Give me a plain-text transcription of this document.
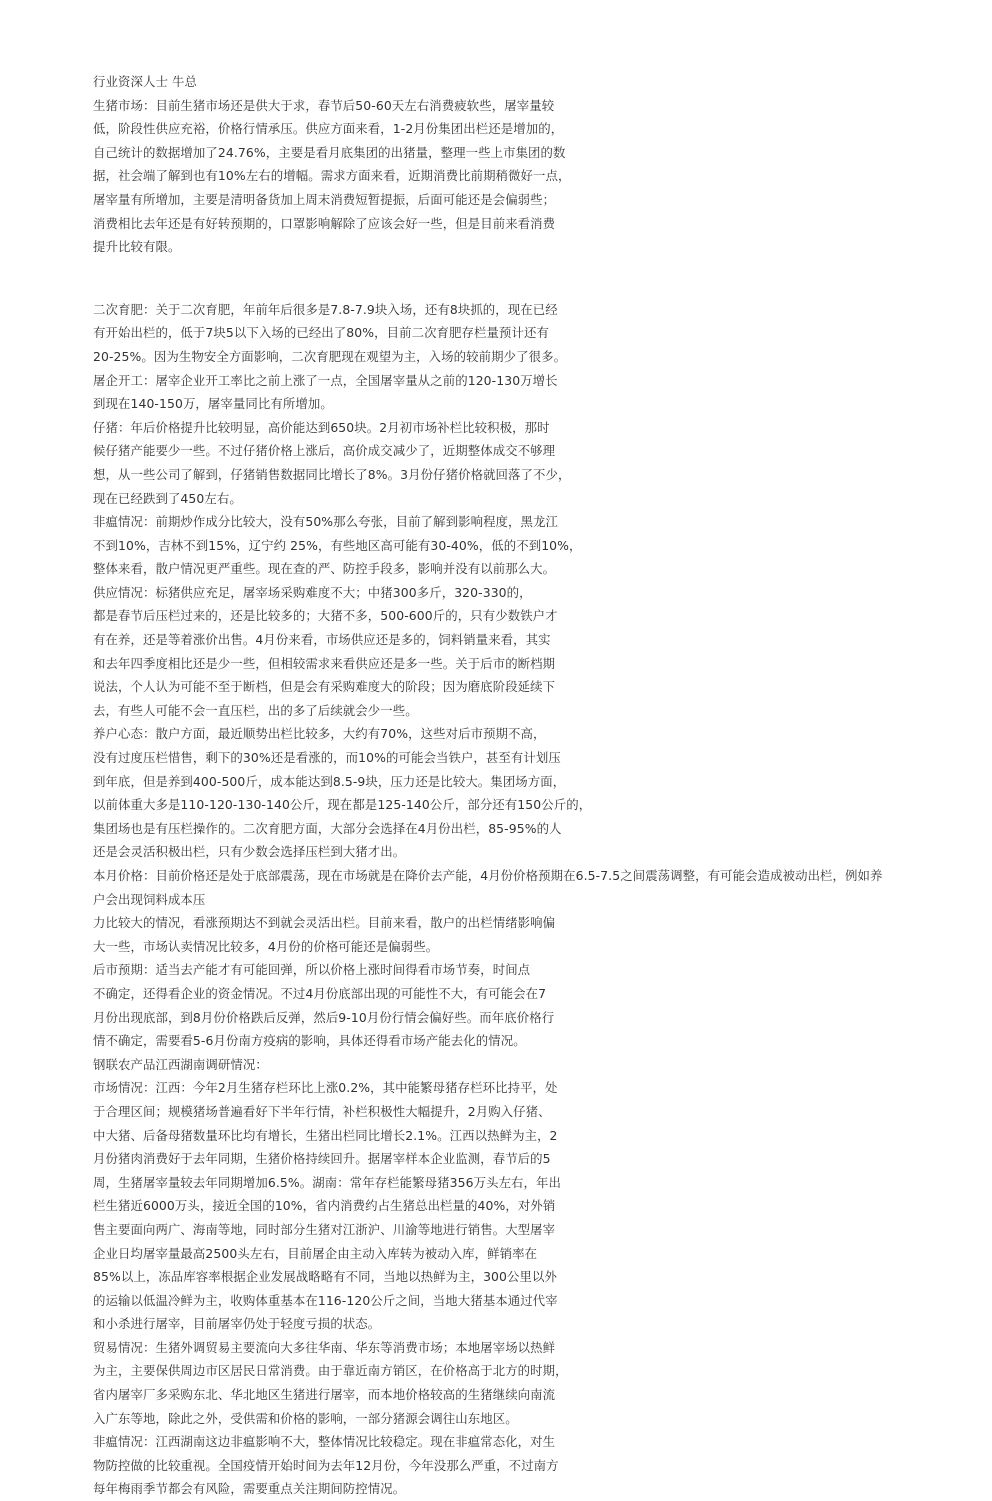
行业资深人士 牛总
生猪市场：目前生猪市场还是供大于求，春节后50-60天左右消费疲软些，屠宰量较
低，阶段性供应充裕，价格行情承压。供应方面来看，1-2月份集团出栏还是增加的，
自己统计的数据增加了24.76%，主要是看月底集团的出猪量，整理一些上市集团的数
据，社会端了解到也有10%左右的增幅。需求方面来看，近期消费比前期稍微好一点，
屠宰量有所增加，主要是清明备货加上周末消费短暂提振，后面可能还是会偏弱些；
消费相比去年还是有好转预期的，口罩影响解除了应该会好一些，但是目前来看消费
提升比较有限。
二次育肥：关于二次育肥，年前年后很多是7.8-7.9块入场，还有8块抓的，现在已经
有开始出栏的，低于7块5以下入场的已经出了80%，目前二次育肥存栏量预计还有
20-25%。因为生物安全方面影响，二次育肥现在观望为主，入场的较前期少了很多。
屠企开工：屠宰企业开工率比之前上涨了一点，全国屠宰量从之前的120-130万增长
到现在140-150万，屠宰量同比有所增加。
仔猪：年后价格提升比较明显，高价能达到650块。2月初市场补栏比较积极，那时
候仔猪产能要少一些。不过仔猪价格上涨后，高价成交减少了，近期整体成交不够理
想，从一些公司了解到，仔猪销售数据同比增长了8%。3月份仔猪价格就回落了不少，
现在已经跌到了450左右。
非瘟情况：前期炒作成分比较大，没有50%那么夸张，目前了解到影响程度，黑龙江
不到10%，吉林不到15%，辽宁约 25%，有些地区高可能有30-40%，低的不到10%，
整体来看，散户情况更严重些。现在查的严、防控手段多，影响并没有以前那么大。
供应情况：标猪供应充足，屠宰场采购难度不大；中猪300多斤，320-330的，
都是春节后压栏过来的，还是比较多的；大猪不多，500-600斤的，只有少数铁户才
有在养，还是等着涨价出售。4月份来看，市场供应还是多的，饲料销量来看，其实
和去年四季度相比还是少一些，但相较需求来看供应还是多一些。关于后市的断档期
说法，个人认为可能不至于断档，但是会有采购难度大的阶段；因为磨底阶段延续下
去，有些人可能不会一直压栏，出的多了后续就会少一些。
养户心态：散户方面，最近顺势出栏比较多，大约有70%，这些对后市预期不高，
没有过度压栏惜售，剩下的30%还是看涨的，而10%的可能会当铁户，甚至有计划压
到年底，但是养到400-500斤，成本能达到8.5-9块，压力还是比较大。集团场方面，
以前体重大多是110-120-130-140公斤，现在都是125-140公斤，部分还有150公斤的，
集团场也是有压栏操作的。二次育肥方面，大部分会选择在4月份出栏，85-95%的人
还是会灵活积极出栏，只有少数会选择压栏到大猪才出。
本月价格：目前价格还是处于底部震荡，现在市场就是在降价去产能，4月份价格预期在6.5-7.5之间震荡调整，有可能会造成被动出栏，例如养
户会出现饲料成本压
力比较大的情况，看涨预期达不到就会灵活出栏。目前来看，散户的出栏情绪影响偏
大一些，市场认卖情况比较多，4月份的价格可能还是偏弱些。
后市预期：适当去产能才有可能回弹，所以价格上涨时间得看市场节奏，时间点
不确定，还得看企业的资金情况。不过4月份底部出现的可能性不大，有可能会在7
月份出现底部，到8月份价格跌后反弹，然后9-10月份行情会偏好些。而年底价格行
情不确定，需要看5-6月份南方疫病的影响，具体还得看市场产能去化的情况。
钢联农产品江西湖南调研情况：
市场情况：江西：今年2月生猪存栏环比上涨0.2%，其中能繁母猪存栏环比持平，处
于合理区间；规模猪场普遍看好下半年行情，补栏积极性大幅提升，2月购入仔猪、
中大猪、后备母猪数量环比均有增长，生猪出栏同比增长2.1%。江西以热鲜为主，2
月份猪肉消费好于去年同期，生猪价格持续回升。据屠宰样本企业监测，春节后的5
周，生猪屠宰量较去年同期增加6.5%。湖南：常年存栏能繁母猪356万头左右，年出
栏生猪近6000万头，接近全国的10%，省内消费约占生猪总出栏量的40%，对外销
售主要面向两广、海南等地，同时部分生猪对江浙沪、川渝等地进行销售。大型屠宰
企业日均屠宰量最高2500头左右，目前屠企由主动入库转为被动入库，鲜销率在
85%以上，冻品库容率根据企业发展战略略有不同，当地以热鲜为主，300公里以外
的运输以低温冷鲜为主，收购体重基本在116-120公斤之间，当地大猪基本通过代宰
和小杀进行屠宰，目前屠宰仍处于轻度亏损的状态。
贸易情况：生猪外调贸易主要流向大多往华南、华东等消费市场；本地屠宰场以热鲜
为主，主要保供周边市区居民日常消费。由于靠近南方销区，在价格高于北方的时期，
省内屠宰厂多采购东北、华北地区生猪进行屠宰，而本地价格较高的生猪继续向南流
入广东等地，除此之外，受供需和价格的影响，一部分猪源会调往山东地区。
非瘟情况：江西湖南这边非瘟影响不大，整体情况比较稳定。现在非瘟常态化，对生
物防控做的比较重视。全国疫情开始时间为去年12月份，今年没那么严重，不过南方
每年梅雨季节都会有风险，需要重点关注期间防控情况。
